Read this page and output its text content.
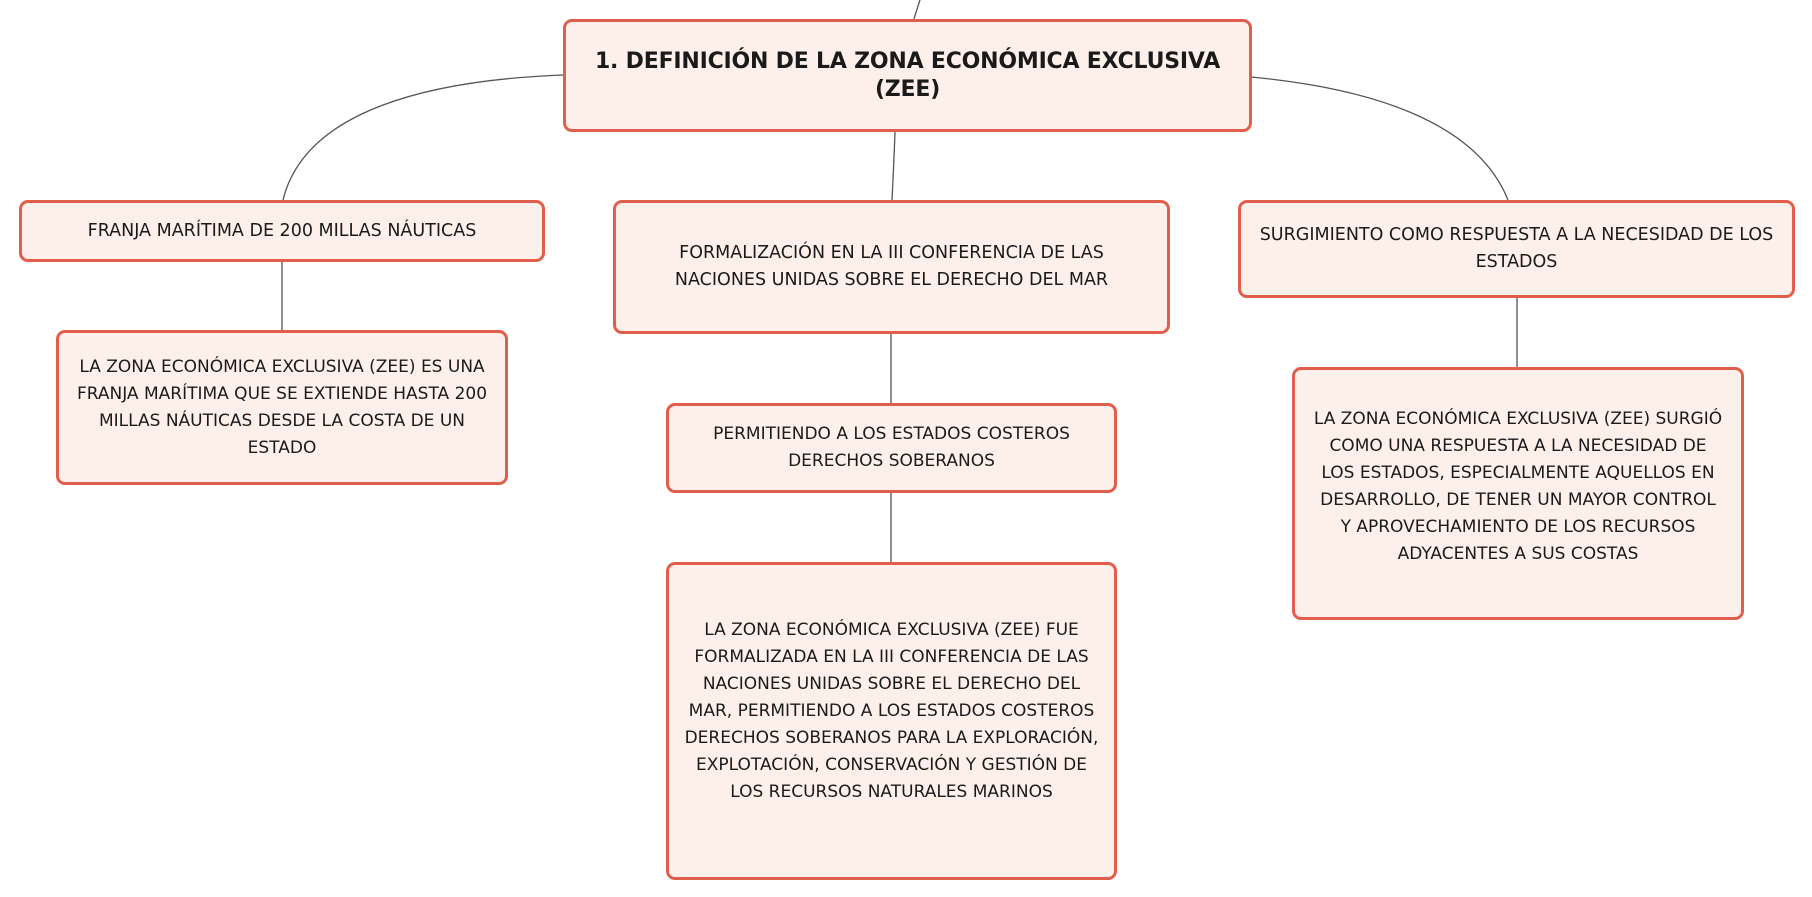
1. DEFINICIÓN DE LA ZONA ECONÓMICA EXCLUSIVA (ZEE)
FRANJA MARÍTIMA DE 200 MILLAS NÁUTICAS
FORMALIZACIÓN EN LA III CONFERENCIA DE LAS NACIONES UNIDAS SOBRE EL DERECHO DEL MAR
SURGIMIENTO COMO RESPUESTA A LA NECESIDAD DE LOS ESTADOS
LA ZONA ECONÓMICA EXCLUSIVA (ZEE) ES UNA FRANJA MARÍTIMA QUE SE EXTIENDE HASTA 200 MILLAS NÁUTICAS DESDE LA COSTA DE UN ESTADO
PERMITIENDO A LOS ESTADOS COSTEROS DERECHOS SOBERANOS
LA ZONA ECONÓMICA EXCLUSIVA (ZEE) FUE FORMALIZADA EN LA III CONFERENCIA DE LAS NACIONES UNIDAS SOBRE EL DERECHO DEL MAR, PERMITIENDO A LOS ESTADOS COSTEROS DERECHOS SOBERANOS PARA LA EXPLORACIÓN, EXPLOTACIÓN, CONSERVACIÓN Y GESTIÓN DE LOS RECURSOS NATURALES MARINOS
LA ZONA ECONÓMICA EXCLUSIVA (ZEE) SURGIÓ COMO UNA RESPUESTA A LA NECESIDAD DE LOS ESTADOS, ESPECIALMENTE AQUELLOS EN DESARROLLO, DE TENER UN MAYOR CONTROL Y APROVECHAMIENTO DE LOS RECURSOS ADYACENTES A SUS COSTAS
